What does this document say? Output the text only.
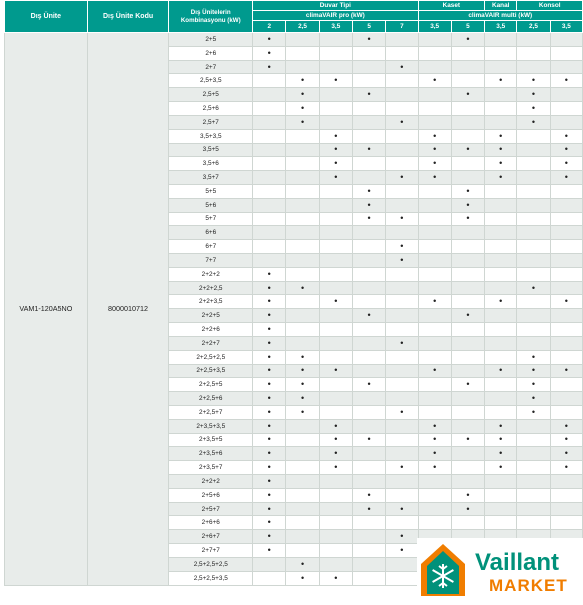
Dış Ünite	Dış Ünite Kodu	Dış Ünitelerin Kombinasyonu (kW)	Duvar Tipi					Kaset		Kanal	Konsol	
			climaVAIR pro (kW)					climaVAIR multi (kW)				
			2	2,5	3,5	5	7	3,5	5	3,5	2,5	3,5
VAM1-120A5NO	8000010712	2+5	•			•			•			
		2+6	•									
		2+7	•				•					
		2,5+3,5		•	•			•		•	•	•
		2,5+5		•		•			•		•	
		2,5+6		•							•	
		2,5+7		•			•				•	
		3,5+3,5			•			•		•		•
		3,5+5			•	•		•	•	•		•
		3,5+6			•			•		•		•
		3,5+7			•		•	•		•		•
		5+5				•			•			
		5+6				•			•			
		5+7				•	•		•			
		6+6										
		6+7					•					
		7+7					•					
		2+2+2	•									
		2+2+2,5	•	•							•	
		2+2+3,5	•		•			•		•		•
		2+2+5	•			•			•			
		2+2+6	•									
		2+2+7	•				•					
		2+2,5+2,5	•	•							•	
		2+2,5+3,5	•	•	•			•		•	•	•
		2+2,5+5	•	•		•			•		•	
		2+2,5+6	•	•							•	
		2+2,5+7	•	•			•				•	
		2+3,5+3,5	•		•			•		•		•
		2+3,5+5	•		•	•		•	•	•		•
		2+3,5+6	•		•			•		•		•
		2+3,5+7	•		•		•	•		•		•
		2+2+2	•									
		2+5+6	•			•			•			
		2+5+7	•			•	•		•			
		2+6+6	•									
		2+6+7	•				•					
		2+7+7	•				•					
		2,5+2,5+2,5		•								
		2,5+2,5+3,5		•	•							
Vaillant
MARKET
